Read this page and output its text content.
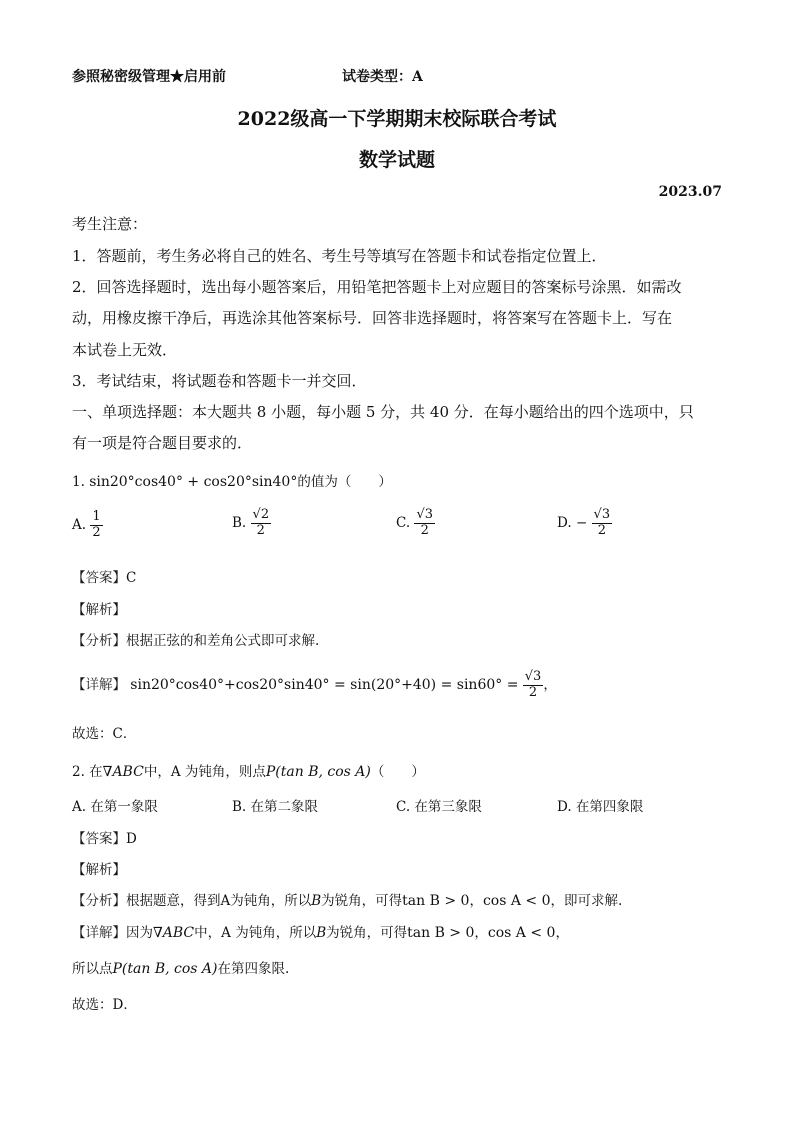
参照秘密级管理★启用前	试卷类型：A
2022级高一下学期期末校际联合考试
数学试题
2023.07
考生注意：
1．答题前，考生务必将自己的姓名、考生号等填写在答题卡和试卷指定位置上．
2．回答选择题时，选出每小题答案后，用铅笔把答题卡上对应题目的答案标号涂黑．如需改
动，用橡皮擦干净后，再选涂其他答案标号．回答非选择题时，将答案写在答题卡上．写在
本试卷上无效．
3．考试结束，将试题卷和答题卡一并交回．
一、单项选择题：本大题共 8 小题，每小题 5 分，共 40 分．在每小题给出的四个选项中，只
有一项是符合题目要求的．
1. sin20°cos40° + cos20°sin40°的值为（　　）
A. $\frac{1}{2}$	B. $\frac{√2}{2}$	C. $\frac{√3}{2}$	D. − $\frac{√3}{2}$
【答案】C
【解析】
【分析】根据正弦的和差角公式即可求解.
【详解】 $\sin 20^\circ\cos 40^\circ+\cos 20^\circ\sin 40^\circ = \sin(20^\circ+40) = \sin 60^\circ = \frac{√3}{2}$ ，
故选：C．
2. 在∇ABC中，A 为钝角，则点P(tan B, cos A)（　　）
A. 在第一象限	B. 在第二象限	C. 在第三象限	D. 在第四象限
【答案】D
【解析】
【分析】根据题意，得到A为钝角，所以B为锐角，可得tan B > 0，cos A < 0，即可求解.
【详解】因为∇ABC中，A 为钝角，所以B为锐角，可得tan B > 0，cos A < 0，
所以点P(tan B, cos A)在第四象限.
故选：D．
